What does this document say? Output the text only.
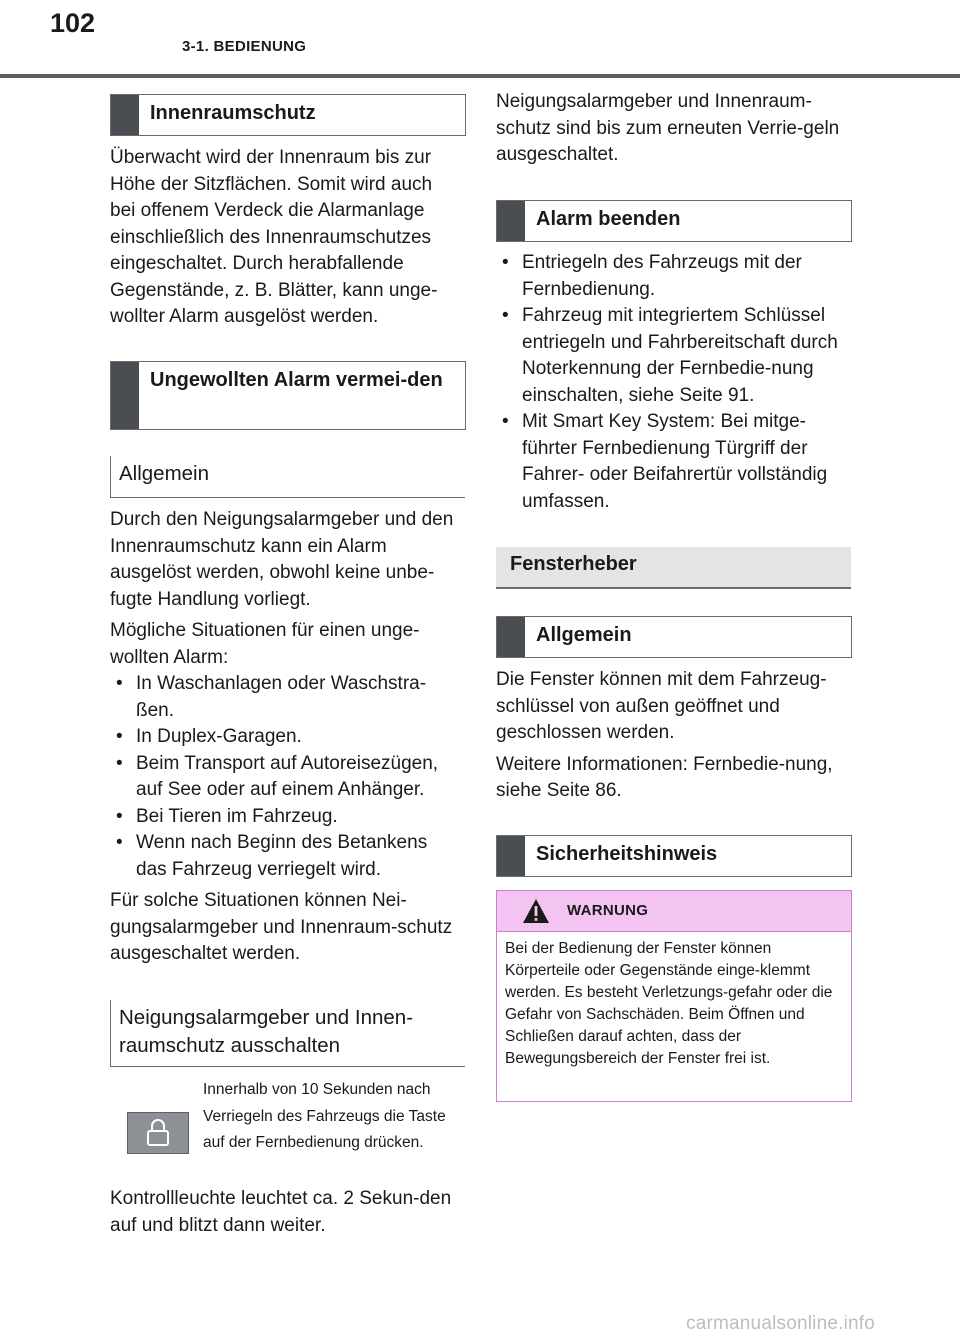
102
3-1. BEDIENUNG
Innenraumschutz

Überwacht wird der Innenraum bis zur Höhe der Sitzflächen. Somit wird auch bei offenem Verdeck die Alarmanlage einschließlich des Innenraumschutzes eingeschaltet. Durch herabfallende Gegenstände, z. B. Blätter, kann unge-wollter Alarm ausgelöst werden.

Ungewollten Alarm vermei-den
Allgemein

Durch den Neigungsalarmgeber und den Innenraumschutz kann ein Alarm ausgelöst werden, obwohl keine unbe-fugte Handlung vorliegt.

Mögliche Situationen für einen unge-wollten Alarm:

• In Waschanlagen oder Waschstra-ßen.
• In Duplex-Garagen.
• Beim Transport auf Autoreisezügen, auf See oder auf einem Anhänger.
• Bei Tieren im Fahrzeug.
• Wenn nach Beginn des Betankens das Fahrzeug verriegelt wird.

Für solche Situationen können Nei-gungsalarmgeber und Innenraum-schutz ausgeschaltet werden.

Neigungsalarmgeber und Innen-raumschutz ausschalten
Innerhalb von 10 Sekunden nach Verriegeln des Fahrzeugs die Taste auf der Fernbedienung drücken.

Kontrollleuchte leuchtet ca. 2 Sekun-den auf und blitzt dann weiter.

Neigungsalarmgeber und Innenraum-schutz sind bis zum erneuten Verrie-geln ausgeschaltet.

Alarm beenden
• Entriegeln des Fahrzeugs mit der Fernbedienung.
• Fahrzeug mit integriertem Schlüssel entriegeln und Fahrbereitschaft durch Noterkennung der Fernbedie-nung einschalten, siehe Seite 91.
• Mit Smart Key System: Bei mitge-führter Fernbedienung Türgriff der Fahrer- oder Beifahrertür vollständig umfassen.
Fensterheber
Allgemein

Die Fenster können mit dem Fahrzeug-schlüssel von außen geöffnet und geschlossen werden.

Weitere Informationen: Fernbedie-nung, siehe Seite 86.

Sicherheitshinweis
WARNUNG
Bei der Bedienung der Fenster können Körperteile oder Gegenstände einge-klemmt werden. Es besteht Verletzungs-gefahr oder die Gefahr von Sachschäden. Beim Öffnen und Schließen darauf achten, dass der Bewegungsbereich der Fenster frei ist.
carmanualsonline.info
